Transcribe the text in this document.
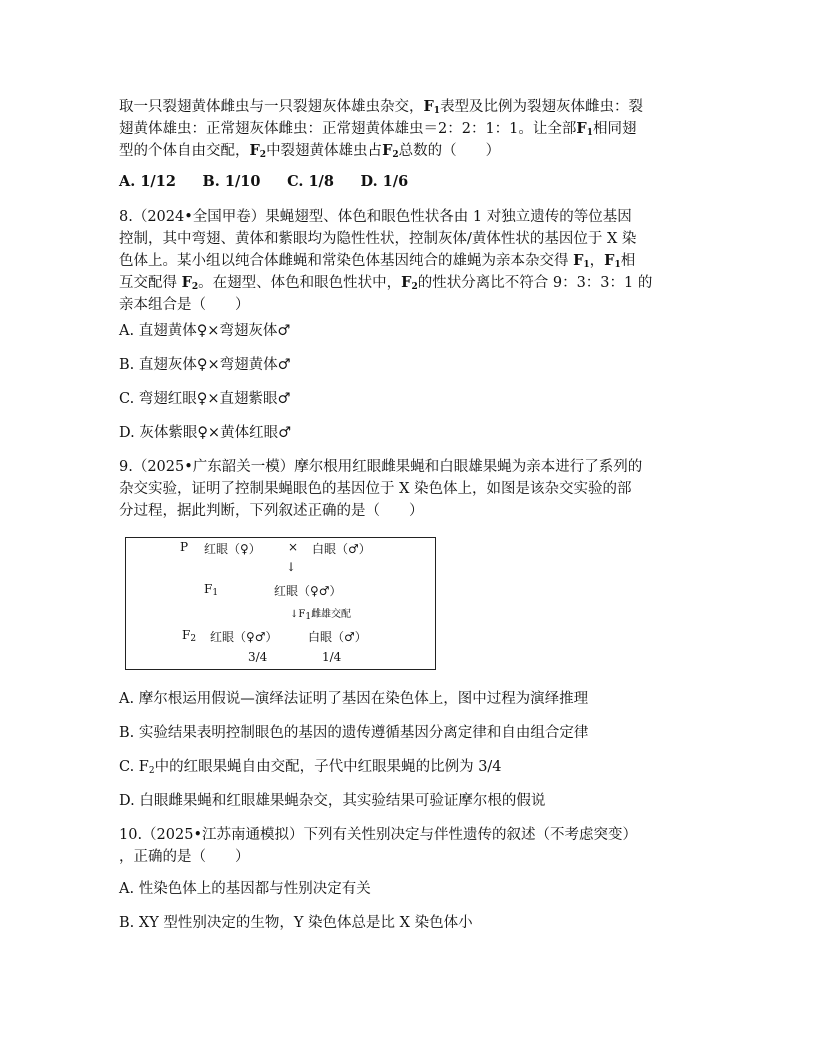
取一只裂翅黄体雌虫与一只裂翅灰体雄虫杂交，$F_1$表型及比例为裂翅灰体雌虫：裂
翅黄体雄虫：正常翅灰体雌虫：正常翅黄体雄虫＝2：2：1：1。让全部$F_1$相同翅
型的个体自由交配，$F_2$中裂翅黄体雄虫占$F_2$总数的（　　）

A. 1/12 B. 1/10 C. 1/8 D. 1/6

8.（2024•全国甲卷）果蝇翅型、体色和眼色性状各由 1 对独立遗传的等位基因
控制，其中弯翅、黄体和紫眼均为隐性性状，控制灰体/黄体性状的基因位于 X 染
色体上。某小组以纯合体雌蝇和常染色体基因纯合的雄蝇为亲本杂交得 $F_1$，$F_1$相
互交配得 $F_2$。在翅型、体色和眼色性状中，$F_2$的性状分离比不符合 9：3：3：1 的
亲本组合是（　　）

A. 直翅黄体♀×弯翅灰体♂
B. 直翅灰体♀×弯翅黄体♂
C. 弯翅红眼♀×直翅紫眼♂
D. 灰体紫眼♀×黄体红眼♂

9.（2025•广东韶关一模）摩尔根用红眼雌果蝇和白眼雄果蝇为亲本进行了系列的
杂交实验，证明了控制果蝇眼色的基因位于 X 染色体上，如图是该杂交实验的部
分过程，据此判断，下列叙述正确的是（　　）

P 红眼（♀） × 白眼（♂）
↓
$F_1$	红眼（♀♂）
$↓F_1$雌雄交配
$F_2$ 红眼（♀♂）	白眼（♂）
3/4	1/4
A. 摩尔根运用假说—演绎法证明了基因在染色体上，图中过程为演绎推理
B. 实验结果表明控制眼色的基因的遗传遵循基因分离定律和自由组合定律
C. $F_2$中的红眼果蝇自由交配，子代中红眼果蝇的比例为 3/4
D. 白眼雌果蝇和红眼雄果蝇杂交，其实验结果可验证摩尔根的假说

10.（2025•江苏南通模拟）下列有关性别决定与伴性遗传的叙述（不考虑突变）
，正确的是（　　）

A. 性染色体上的基因都与性别决定有关
B. XY 型性别决定的生物，Y 染色体总是比 X 染色体小
